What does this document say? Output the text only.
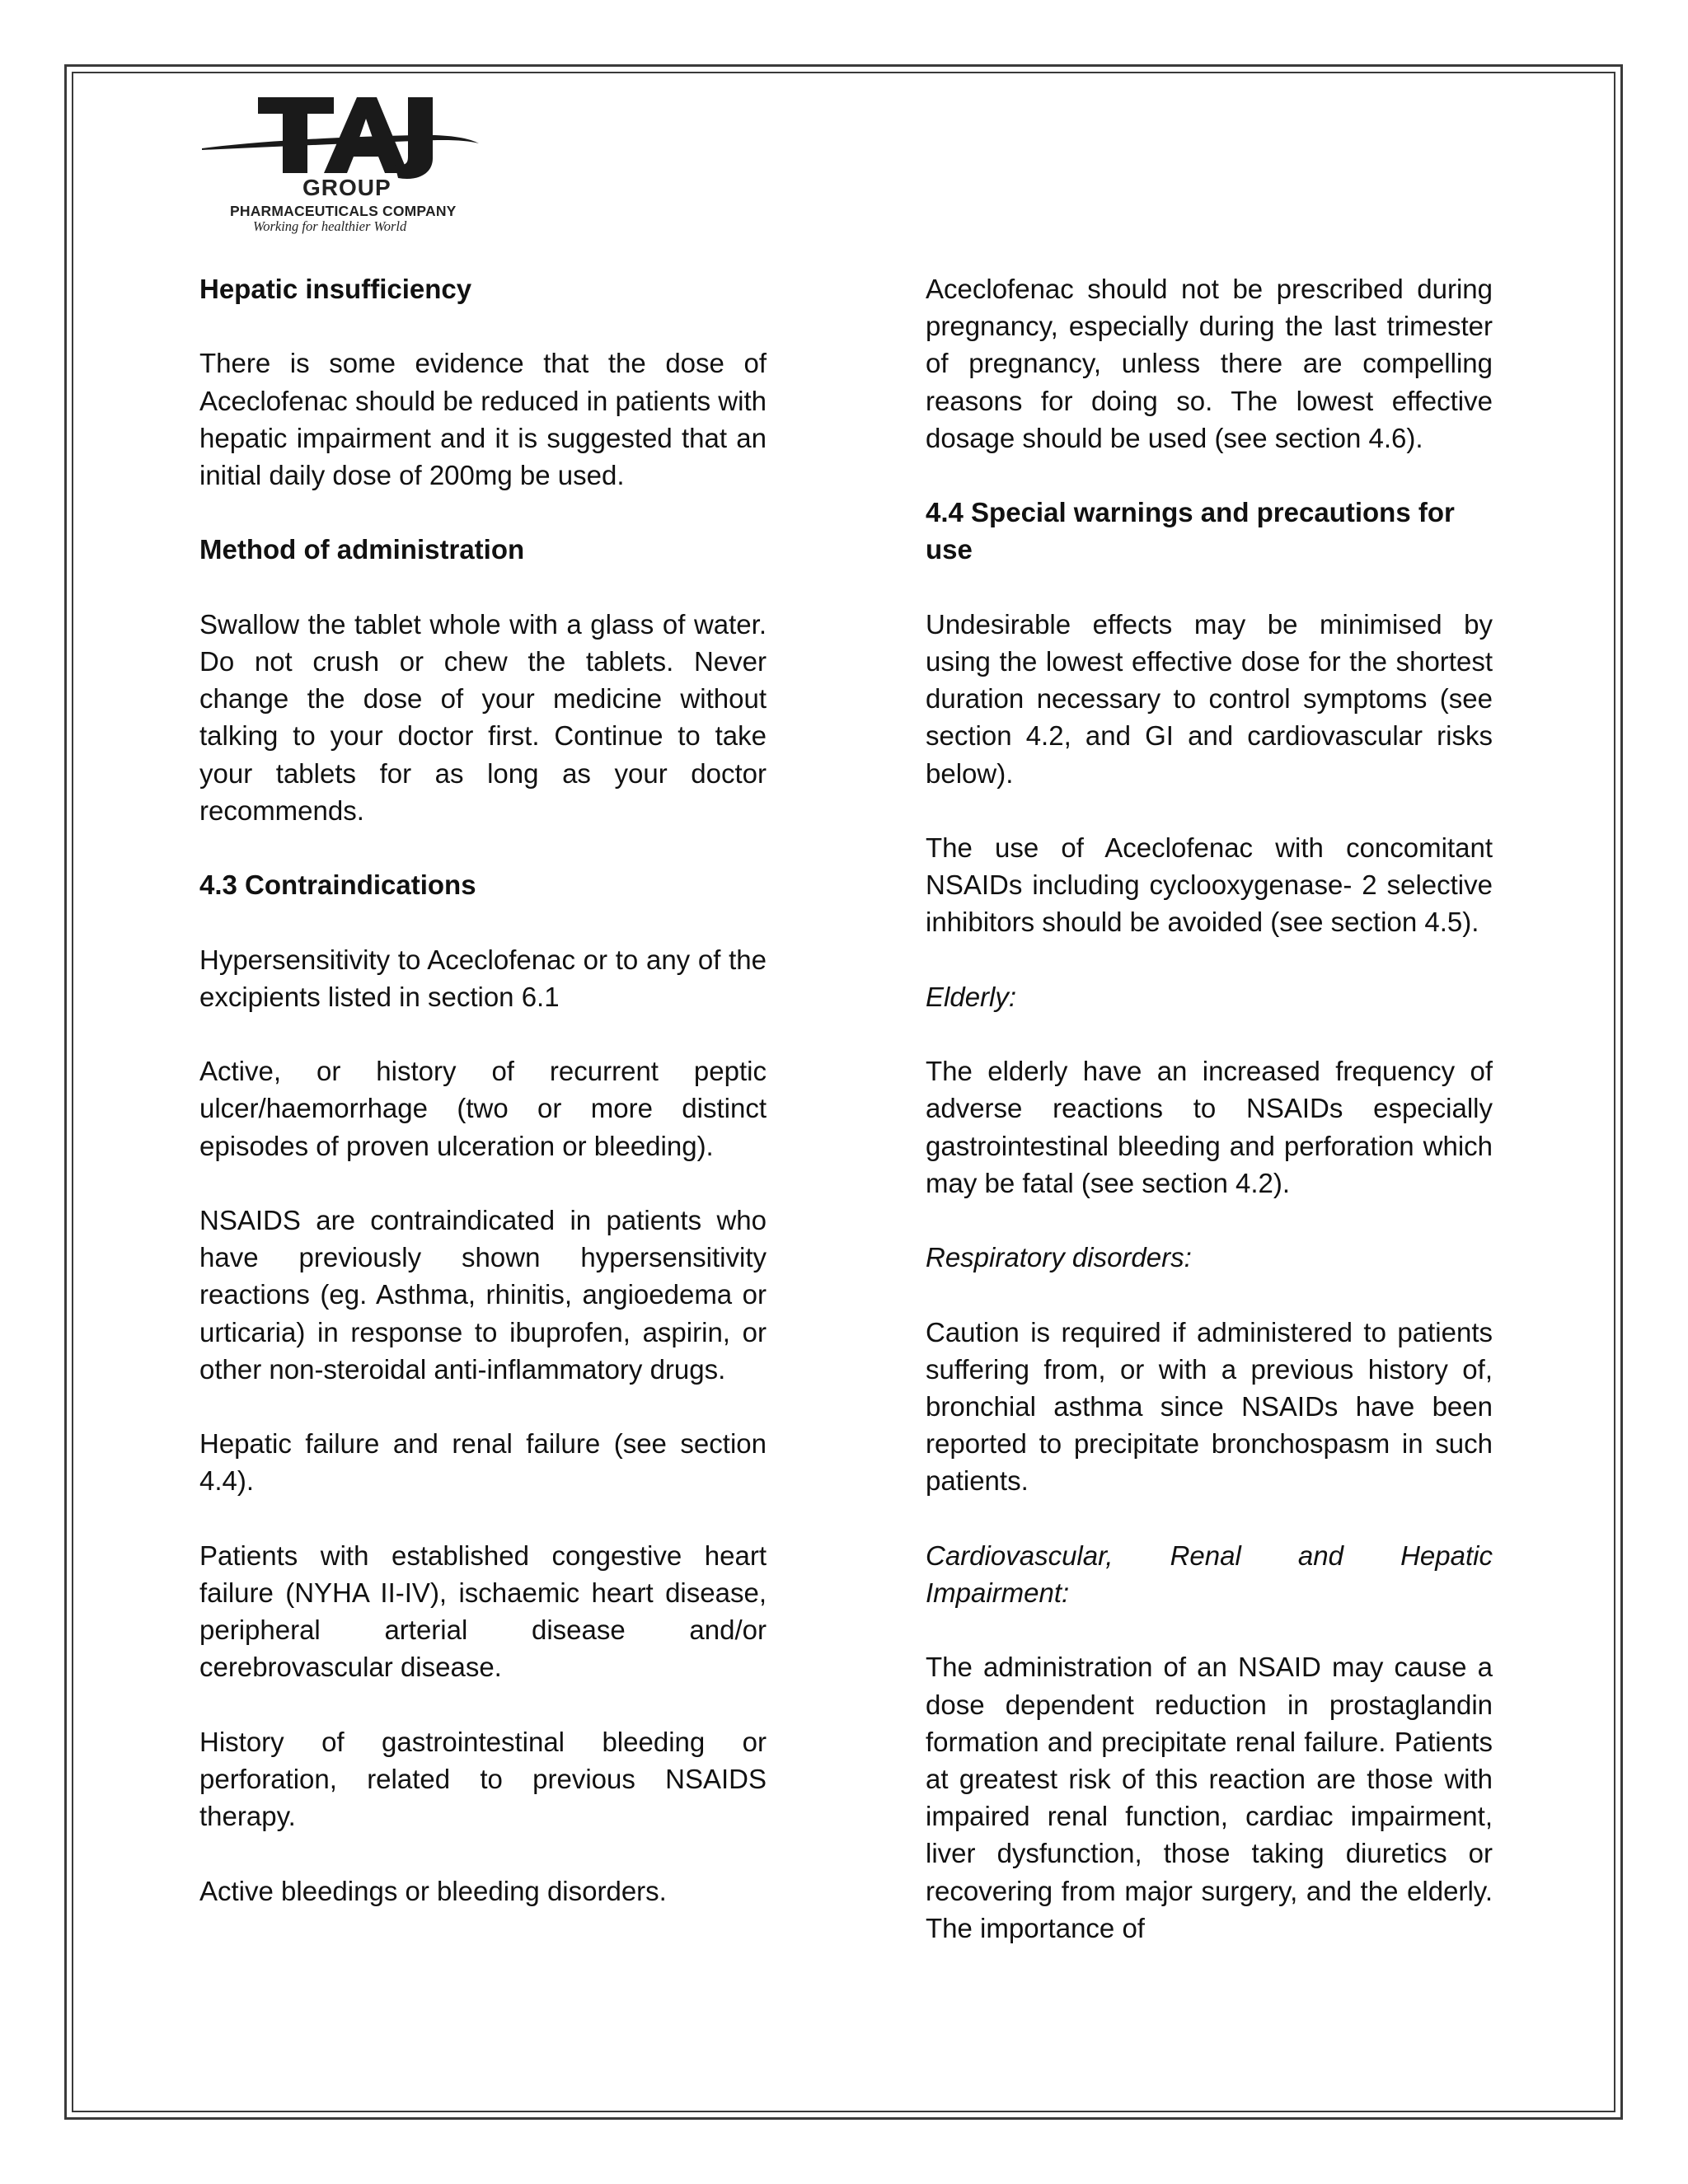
GROUP
PHARMACEUTICALS COMPANY
Working for healthier World

Hepatic insufficiency

There is some evidence that the dose of Aceclofenac should be reduced in patients with hepatic impairment and it is suggested that an initial daily dose of 200mg be used.

Method of administration

Swallow the tablet whole with a glass of water. Do not crush or chew the tablets. Never change the dose of your medicine without talking to your doctor first. Continue to take your tablets for as long as your doctor recommends.

4.3 Contraindications

Hypersensitivity to Aceclofenac or to any of the excipients listed in section 6.1

Active, or history of recurrent peptic ulcer/haemorrhage (two or more distinct episodes of proven ulceration or bleeding).

NSAIDS are contraindicated in patients who have previously shown hypersensitivity reactions (eg. Asthma, rhinitis, angioedema or urticaria) in response to ibuprofen, aspirin, or other non-steroidal anti-inflammatory drugs.

Hepatic failure and renal failure (see section 4.4).

Patients with established congestive heart failure (NYHA II-IV), ischaemic heart disease, peripheral arterial disease and/or cerebrovascular disease.

History of gastrointestinal bleeding or perforation, related to previous NSAIDS therapy.

Active bleedings or bleeding disorders.

Aceclofenac should not be prescribed during pregnancy, especially during the last trimester of pregnancy, unless there are compelling reasons for doing so. The lowest effective dosage should be used (see section 4.6).

4.4 Special warnings and precautions for use

Undesirable effects may be minimised by using the lowest effective dose for the shortest duration necessary to control symptoms (see section 4.2, and GI and cardiovascular risks below).

The use of Aceclofenac with concomitant NSAIDs including cyclooxygenase- 2 selective inhibitors should be avoided (see section 4.5).

Elderly:

The elderly have an increased frequency of adverse reactions to NSAIDs especially gastrointestinal bleeding and perforation which may be fatal (see section 4.2).

Respiratory disorders:

Caution is required if administered to patients suffering from, or with a previous history of, bronchial asthma since NSAIDs have been reported to precipitate bronchospasm in such patients.

Cardiovascular, Renal and Hepatic Impairment:

The administration of an NSAID may cause a dose dependent reduction in prostaglandin formation and precipitate renal failure. Patients at greatest risk of this reaction are those with impaired renal function, cardiac impairment, liver dysfunction, those taking diuretics or recovering from major surgery, and the elderly. The importance of
